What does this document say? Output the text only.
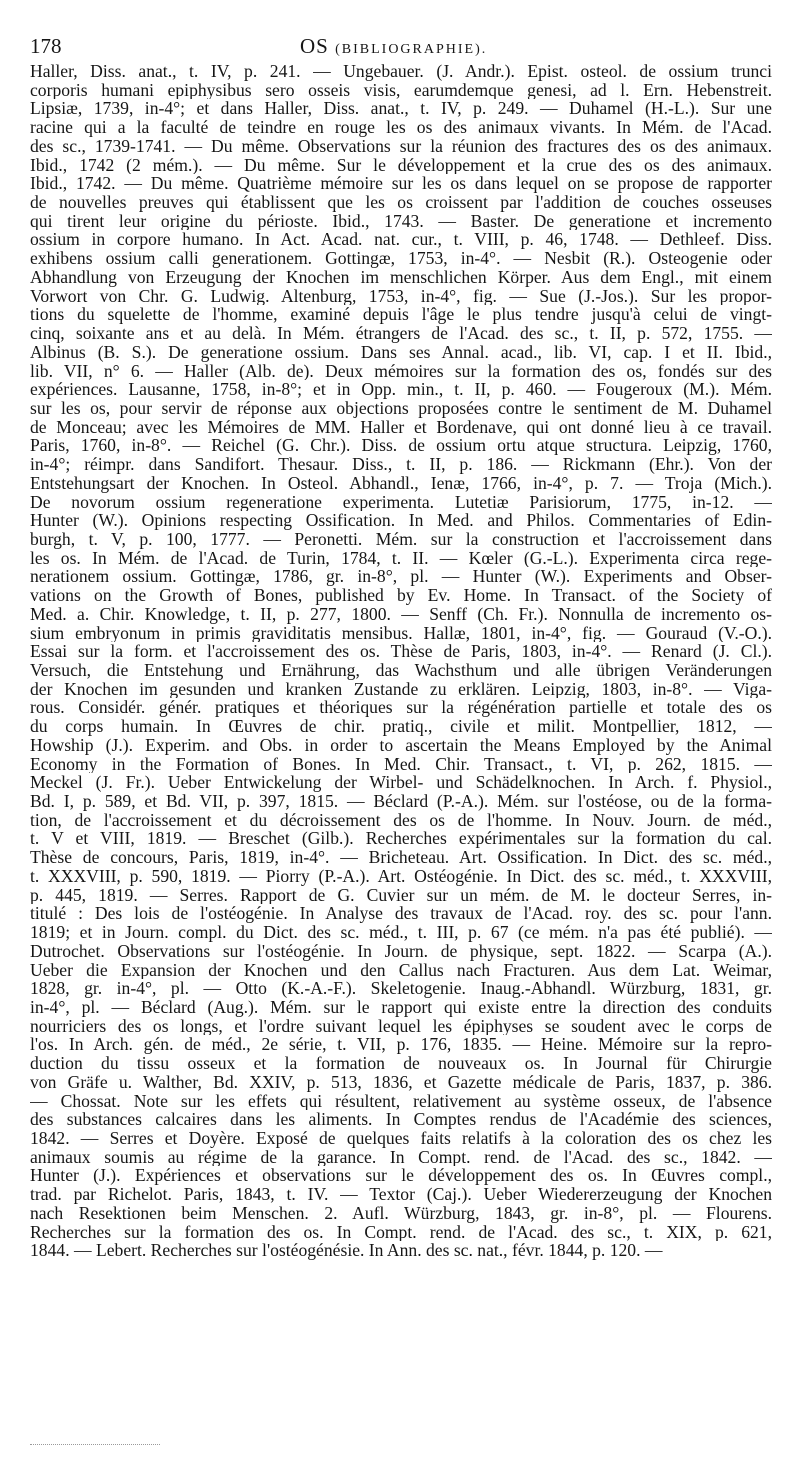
178	OS (BIBLIOGRAPHIE).
Haller, Diss. anat., t. IV, p. 241. — Ungebauer. (J. Andr.). Epist. osteol. de ossium trunci
corporis humani epiphysibus sero osseis visis, earumdemque genesi, ad l. Ern. Hebenstreit.
Lipsiæ, 1739, in-4°; et dans Haller, Diss. anat., t. IV, p. 249. — Duhamel (H.-L.). Sur une
racine qui a la faculté de teindre en rouge les os des animaux vivants. In Mém. de l'Acad.
des sc., 1739-1741. — Du même. Observations sur la réunion des fractures des os des animaux.
Ibid., 1742 (2 mém.). — Du même. Sur le développement et la crue des os des animaux.
Ibid., 1742. — Du même. Quatrième mémoire sur les os dans lequel on se propose de rapporter
de nouvelles preuves qui établissent que les os croissent par l'addition de couches osseuses
qui tirent leur origine du périoste. Ibid., 1743. — Baster. De generatione et incremento
ossium in corpore humano. In Act. Acad. nat. cur., t. VIII, p. 46, 1748. — Dethleef. Diss.
exhibens ossium calli generationem. Gottingæ, 1753, in-4°. — Nesbit (R.). Osteogenie oder
Abhandlung von Erzeugung der Knochen im menschlichen Körper. Aus dem Engl., mit einem
Vorwort von Chr. G. Ludwig. Altenburg, 1753, in-4°, fig. — Sue (J.-Jos.). Sur les propor-
tions du squelette de l'homme, examiné depuis l'âge le plus tendre jusqu'à celui de vingt-
cinq, soixante ans et au delà. In Mém. étrangers de l'Acad. des sc., t. II, p. 572, 1755. —
Albinus (B. S.). De generatione ossium. Dans ses Annal. acad., lib. VI, cap. I et II. Ibid.,
lib. VII, n° 6. — Haller (Alb. de). Deux mémoires sur la formation des os, fondés sur des
expériences. Lausanne, 1758, in-8°; et in Opp. min., t. II, p. 460. — Fougeroux (M.). Mém.
sur les os, pour servir de réponse aux objections proposées contre le sentiment de M. Duhamel
de Monceau; avec les Mémoires de MM. Haller et Bordenave, qui ont donné lieu à ce travail.
Paris, 1760, in-8°. — Reichel (G. Chr.). Diss. de ossium ortu atque structura. Leipzig, 1760,
in-4°; réimpr. dans Sandifort. Thesaur. Diss., t. II, p. 186. — Rickmann (Ehr.). Von der
Entstehungsart der Knochen. In Osteol. Abhandl., Ienæ, 1766, in-4°, p. 7. — Troja (Mich.).
De novorum ossium regeneratione experimenta. Lutetiæ Parisiorum, 1775, in-12. —
Hunter (W.). Opinions respecting Ossification. In Med. and Philos. Commentaries of Edin-
burgh, t. V, p. 100, 1777. — Peronetti. Mém. sur la construction et l'accroissement dans
les os. In Mém. de l'Acad. de Turin, 1784, t. II. — Kœler (G.-L.). Experimenta circa rege-
nerationem ossium. Gottingæ, 1786, gr. in-8°, pl. — Hunter (W.). Experiments and Obser-
vations on the Growth of Bones, published by Ev. Home. In Transact. of the Society of
Med. a. Chir. Knowledge, t. II, p. 277, 1800. — Senff (Ch. Fr.). Nonnulla de incremento os-
sium embryonum in primis graviditatis mensibus. Hallæ, 1801, in-4°, fig. — Gouraud (V.-O.).
Essai sur la form. et l'accroissement des os. Thèse de Paris, 1803, in-4°. — Renard (J. Cl.).
Versuch, die Entstehung und Ernährung, das Wachsthum und alle übrigen Veränderungen
der Knochen im gesunden und kranken Zustande zu erklären. Leipzig, 1803, in-8°. — Viga-
rous. Considér. génér. pratiques et théoriques sur la régénération partielle et totale des os
du corps humain. In Œuvres de chir. pratiq., civile et milit. Montpellier, 1812, —
Howship (J.). Experim. and Obs. in order to ascertain the Means Employed by the Animal
Economy in the Formation of Bones. In Med. Chir. Transact., t. VI, p. 262, 1815. —
Meckel (J. Fr.). Ueber Entwickelung der Wirbel- und Schädelknochen. In Arch. f. Physiol.,
Bd. I, p. 589, et Bd. VII, p. 397, 1815. — Béclard (P.-A.). Mém. sur l'ostéose, ou de la forma-
tion, de l'accroissement et du décroissement des os de l'homme. In Nouv. Journ. de méd.,
t. V et VIII, 1819. — Breschet (Gilb.). Recherches expérimentales sur la formation du cal.
Thèse de concours, Paris, 1819, in-4°. — Bricheteau. Art. Ossification. In Dict. des sc. méd.,
t. XXXVIII, p. 590, 1819. — Piorry (P.-A.). Art. Ostéogénie. In Dict. des sc. méd., t. XXXVIII,
p. 445, 1819. — Serres. Rapport de G. Cuvier sur un mém. de M. le docteur Serres, in-
titulé : Des lois de l'ostéogénie. In Analyse des travaux de l'Acad. roy. des sc. pour l'ann.
1819; et in Journ. compl. du Dict. des sc. méd., t. III, p. 67 (ce mém. n'a pas été publié). —
Dutrochet. Observations sur l'ostéogénie. In Journ. de physique, sept. 1822. — Scarpa (A.).
Ueber die Expansion der Knochen und den Callus nach Fracturen. Aus dem Lat. Weimar,
1828, gr. in-4°, pl. — Otto (K.-A.-F.). Skeletogenie. Inaug.-Abhandl. Würzburg, 1831, gr.
in-4°, pl. — Béclard (Aug.). Mém. sur le rapport qui existe entre la direction des conduits
nourriciers des os longs, et l'ordre suivant lequel les épiphyses se soudent avec le corps de
l'os. In Arch. gén. de méd., 2e série, t. VII, p. 176, 1835. — Heine. Mémoire sur la repro-
duction du tissu osseux et la formation de nouveaux os. In Journal für Chirurgie
von Gräfe u. Walther, Bd. XXIV, p. 513, 1836, et Gazette médicale de Paris, 1837, p. 386.
— Chossat. Note sur les effets qui résultent, relativement au système osseux, de l'absence
des substances calcaires dans les aliments. In Comptes rendus de l'Académie des sciences,
1842. — Serres et Doyère. Exposé de quelques faits relatifs à la coloration des os chez les
animaux soumis au régime de la garance. In Compt. rend. de l'Acad. des sc., 1842. —
Hunter (J.). Expériences et observations sur le développement des os. In Œuvres compl.,
trad. par Richelot. Paris, 1843, t. IV. — Textor (Caj.). Ueber Wiedererzeugung der Knochen
nach Resektionen beim Menschen. 2. Aufl. Würzburg, 1843, gr. in-8°, pl. — Flourens.
Recherches sur la formation des os. In Compt. rend. de l'Acad. des sc., t. XIX, p. 621,
1844. — Lebert. Recherches sur l'ostéogénésie. In Ann. des sc. nat., févr. 1844, p. 120. —
